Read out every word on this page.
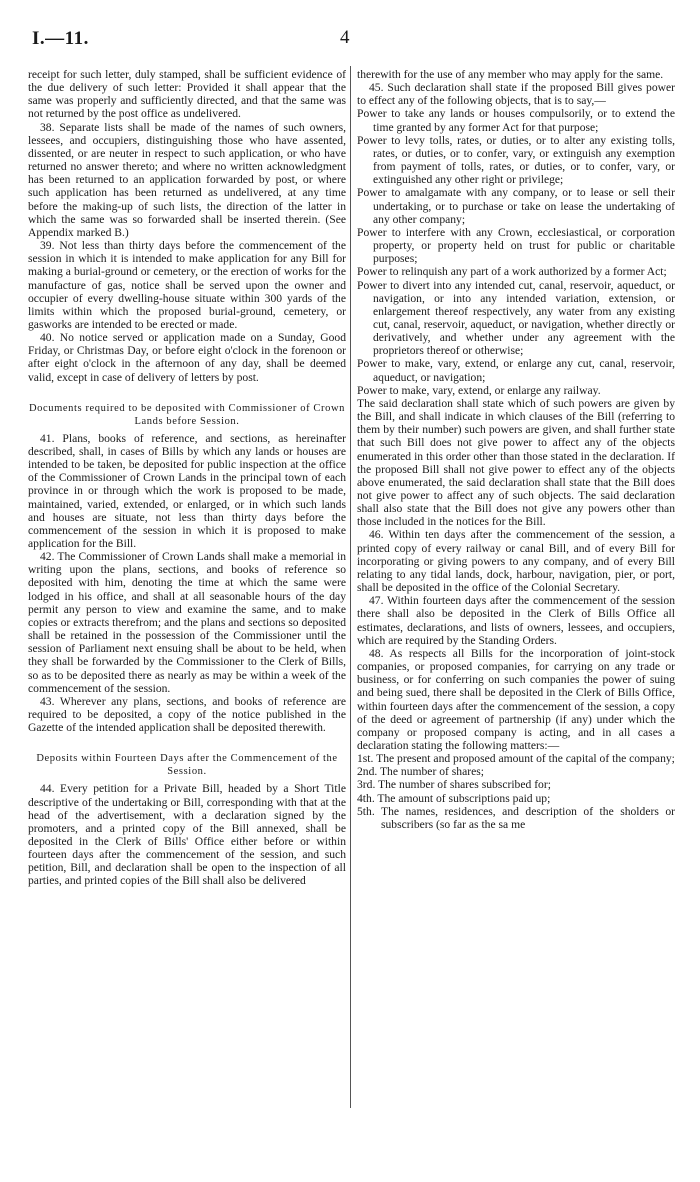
I.—11.	4

receipt for such letter, duly stamped, shall be sufficient evidence of the due delivery of such letter: Provided it shall appear that the same was properly and sufficiently directed, and that the same was not returned by the post office as undelivered.

38. Separate lists shall be made of the names of such owners, lessees, and occupiers, distinguishing those who have assented, dissented, or are neuter in respect to such application, or who have returned no answer thereto; and where no written acknowledgment has been returned to an application forwarded by post, or where such application has been returned as undelivered, at any time before the making-up of such lists, the direction of the latter in which the same was so forwarded shall be inserted therein. (See Appendix marked B.)

39. Not less than thirty days before the commencement of the session in which it is intended to make application for any Bill for making a burial-ground or cemetery, or the erection of works for the manufacture of gas, notice shall be served upon the owner and occupier of every dwelling-house situate within 300 yards of the limits within which the proposed burial-ground, cemetery, or gasworks are intended to be erected or made.

40. No notice served or application made on a Sunday, Good Friday, or Christmas Day, or before eight o'clock in the forenoon or after eight o'clock in the afternoon of any day, shall be deemed valid, except in case of delivery of letters by post.

Documents required to be deposited with Commissioner of Crown Lands before Session.

41. Plans, books of reference, and sections, as hereinafter described, shall, in cases of Bills by which any lands or houses are intended to be taken, be deposited for public inspection at the office of the Commissioner of Crown Lands in the principal town of each province in or through which the work is proposed to be made, maintained, varied, extended, or enlarged, or in which such lands and houses are situate, not less than thirty days before the commencement of the session in which it is proposed to make application for the Bill.

42. The Commissioner of Crown Lands shall make a memorial in writing upon the plans, sections, and books of reference so deposited with him, denoting the time at which the same were lodged in his office, and shall at all seasonable hours of the day permit any person to view and examine the same, and to make copies or extracts therefrom; and the plans and sections so deposited shall be retained in the possession of the Commissioner until the session of Parliament next ensuing shall be about to be held, when they shall be forwarded by the Commissioner to the Clerk of Bills, so as to be deposited there as nearly as may be within a week of the commencement of the session.

43. Wherever any plans, sections, and books of reference are required to be deposited, a copy of the notice published in the Gazette of the intended application shall be deposited therewith.

Deposits within Fourteen Days after the Commencement of the Session.

44. Every petition for a Private Bill, headed by a Short Title descriptive of the undertaking or Bill, corresponding with that at the head of the advertisement, with a declaration signed by the promoters, and a printed copy of the Bill annexed, shall be deposited in the Clerk of Bills' Office either before or within fourteen days after the commencement of the session, and such petition, Bill, and declaration shall be open to the inspection of all parties, and printed copies of the Bill shall also be delivered

therewith for the use of any member who may apply for the same.

45. Such declaration shall state if the proposed Bill gives power to effect any of the following objects, that is to say,—

Power to take any lands or houses compulsorily, or to extend the time granted by any former Act for that purpose;

Power to levy tolls, rates, or duties, or to alter any existing tolls, rates, or duties, or to confer, vary, or extinguish any exemption from payment of tolls, rates, or duties, or to confer, vary, or extinguished any other right or privilege;

Power to amalgamate with any company, or to lease or sell their undertaking, or to purchase or take on lease the undertaking of any other company;

Power to interfere with any Crown, ecclesiastical, or corporation property, or property held on trust for public or charitable purposes;

Power to relinquish any part of a work authorized by a former Act;

Power to divert into any intended cut, canal, reservoir, aqueduct, or navigation, or into any intended variation, extension, or enlargement thereof respectively, any water from any existing cut, canal, reservoir, aqueduct, or navigation, whether directly or derivatively, and whether under any agreement with the proprietors thereof or otherwise;

Power to make, vary, extend, or enlarge any cut, canal, reservoir, aqueduct, or navigation;

Power to make, vary, extend, or enlarge any railway.

The said declaration shall state which of such powers are given by the Bill, and shall indicate in which clauses of the Bill (referring to them by their number) such powers are given, and shall further state that such Bill does not give power to affect any of the objects enumerated in this order other than those stated in the declaration. If the proposed Bill shall not give power to effect any of the objects above enumerated, the said declaration shall state that the Bill does not give power to affect any of such objects. The said declaration shall also state that the Bill does not give any powers other than those included in the notices for the Bill.

46. Within ten days after the commencement of the session, a printed copy of every railway or canal Bill, and of every Bill for incorporating or giving powers to any company, and of every Bill relating to any tidal lands, dock, harbour, navigation, pier, or port, shall be deposited in the office of the Colonial Secretary.

47. Within fourteen days after the commencement of the session there shall also be deposited in the Clerk of Bills Office all estimates, declarations, and lists of owners, lessees, and occupiers, which are required by the Standing Orders.

48. As respects all Bills for the incorporation of joint-stock companies, or proposed companies, for carrying on any trade or business, or for conferring on such companies the power of suing and being sued, there shall be deposited in the Clerk of Bills Office, within fourteen days after the commencement of the session, a copy of the deed or agreement of partnership (if any) under which the company or proposed company is acting, and in all cases a declaration stating the following matters:—

1st. The present and proposed amount of the capital of the company;

2nd. The number of shares;

3rd. The number of shares subscribed for;

4th. The amount of subscriptions paid up;

5th. The names, residences, and description of the sholders or subscribers (so far as the sa me
